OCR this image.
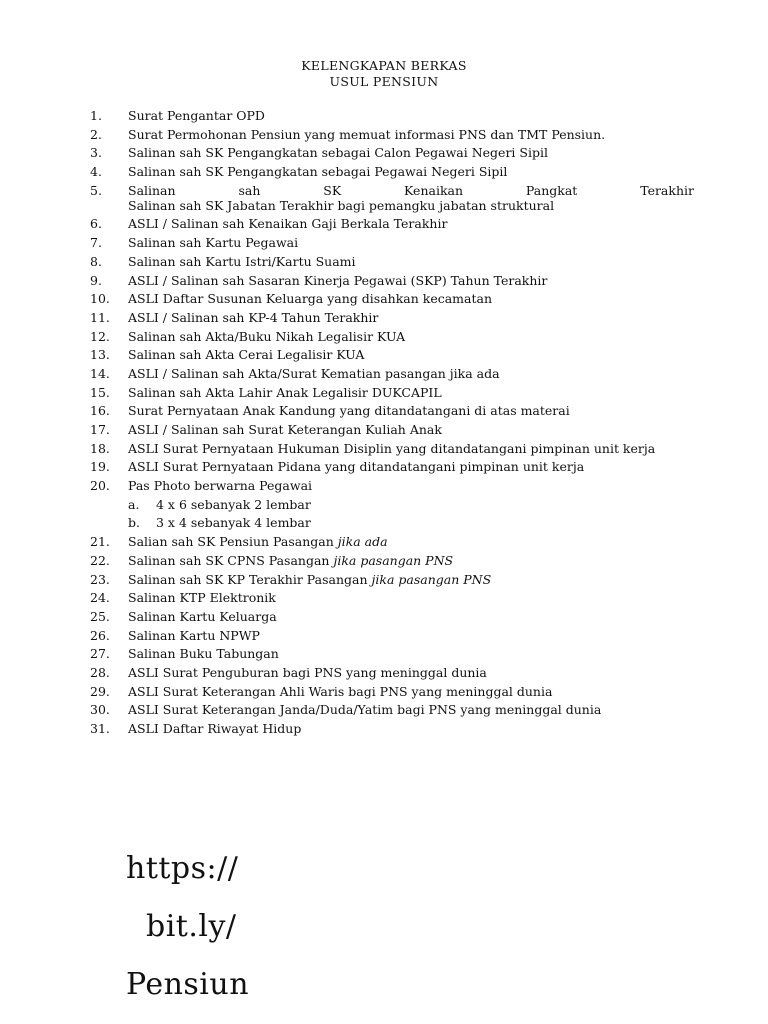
KELENGKAPAN BERKAS
USUL PENSIUN
1. Surat Pengantar OPD
2. Surat Permohonan Pensiun yang memuat informasi PNS dan TMT Pensiun.
3. Salinan sah SK Pengangkatan sebagai Calon Pegawai Negeri Sipil
4. Salinan sah SK Pengangkatan sebagai Pegawai Negeri Sipil
5. Salinan sah SK Kenaikan Pangkat Terakhir
Salinan sah SK Jabatan Terakhir bagi pemangku jabatan struktural
6. ASLI / Salinan sah Kenaikan Gaji Berkala Terakhir
7. Salinan sah Kartu Pegawai
8. Salinan sah Kartu Istri/Kartu Suami
9. ASLI / Salinan sah Sasaran Kinerja Pegawai (SKP) Tahun Terakhir
10. ASLI Daftar Susunan Keluarga yang disahkan kecamatan
11. ASLI / Salinan sah KP-4 Tahun Terakhir
12. Salinan sah Akta/Buku Nikah Legalisir KUA
13. Salinan sah Akta Cerai Legalisir KUA
14. ASLI / Salinan sah Akta/Surat Kematian pasangan jika ada
15. Salinan sah Akta Lahir Anak Legalisir DUKCAPIL
16. Surat Pernyataan Anak Kandung yang ditandatangani di atas materai
17. ASLI / Salinan sah Surat Keterangan Kuliah Anak
18. ASLI Surat Pernyataan Hukuman Disiplin yang ditandatangani pimpinan unit kerja
19. ASLI Surat Pernyataan Pidana yang ditandatangani pimpinan unit kerja
20. Pas Photo berwarna Pegawai
a. 4 x 6 sebanyak 2 lembar
b. 3 x 4 sebanyak 4 lembar
21. Salian sah SK Pensiun Pasangan jika ada
22. Salinan sah SK CPNS Pasangan jika pasangan PNS
23. Salinan sah SK KP Terakhir Pasangan jika pasangan PNS
24. Salinan KTP Elektronik
25. Salinan Kartu Keluarga
26. Salinan Kartu NPWP
27. Salinan Buku Tabungan
28. ASLI Surat Penguburan bagi PNS yang meninggal dunia
29. ASLI Surat Keterangan Ahli Waris bagi PNS yang meninggal dunia
30. ASLI Surat Keterangan Janda/Duda/Yatim bagi PNS yang meninggal dunia
31. ASLI Daftar Riwayat Hidup
https://
bit.ly/
Pensiun
